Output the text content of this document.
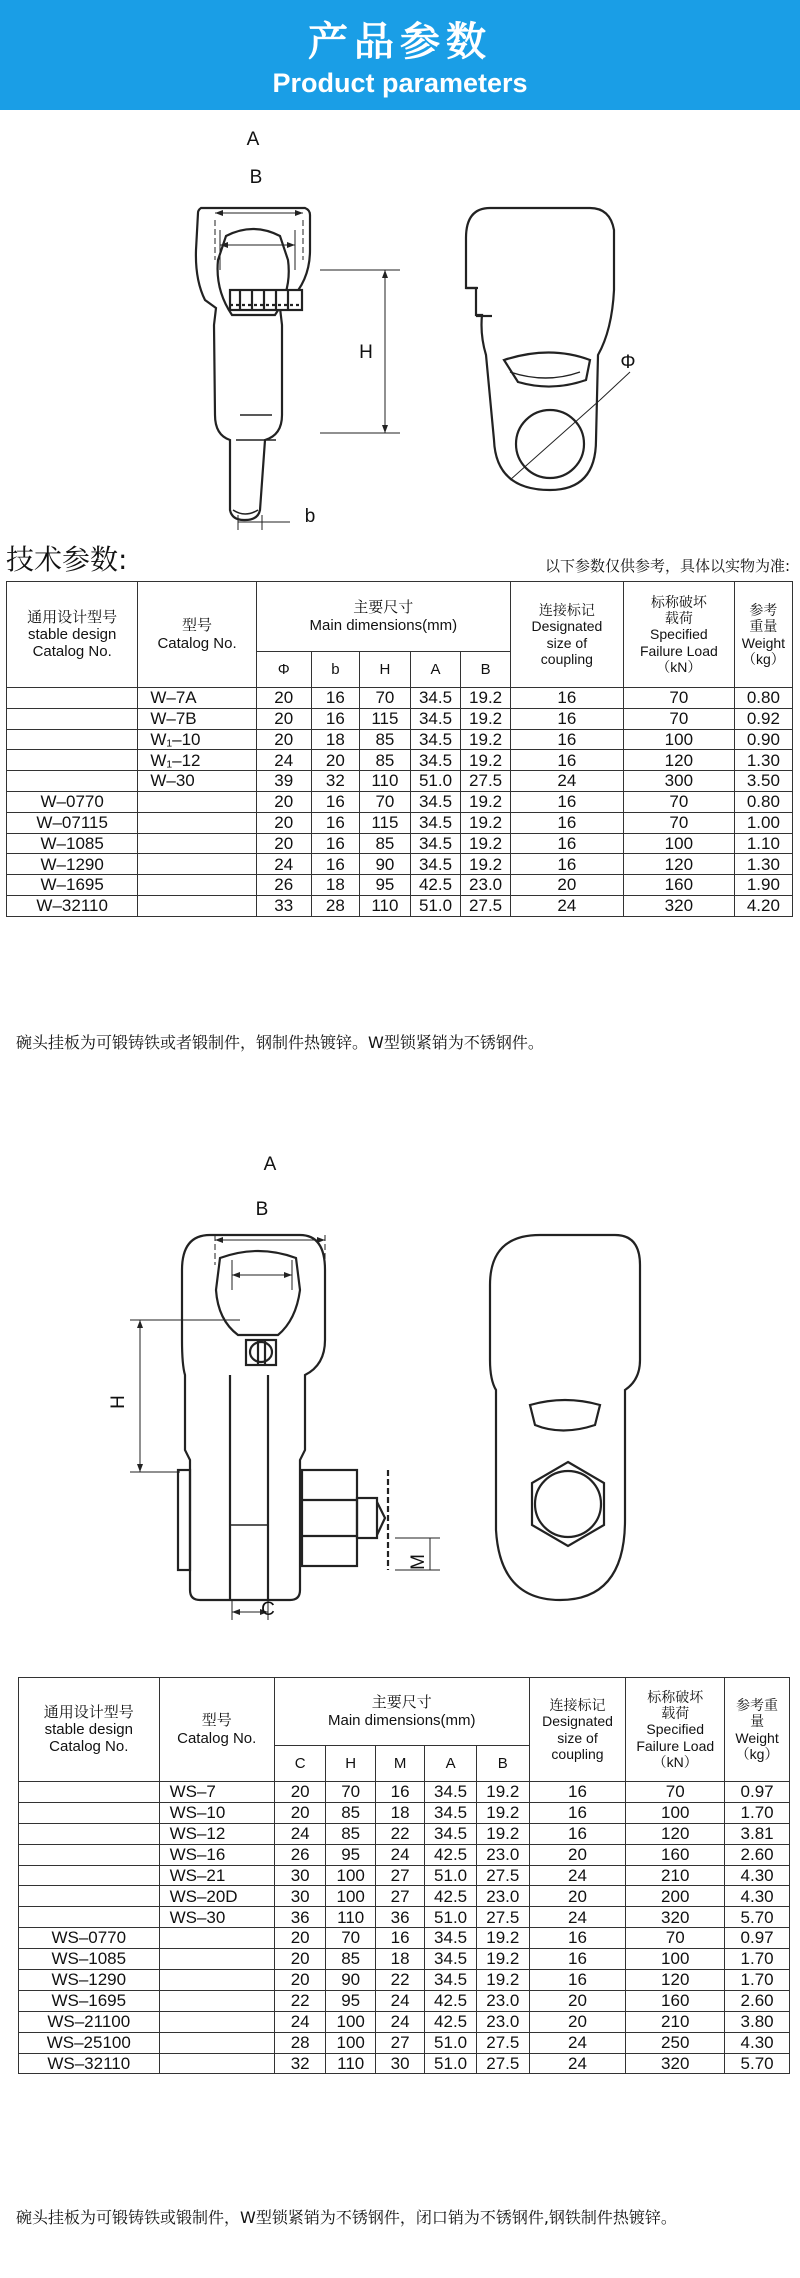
产品参数
Product parameters
A
B
H
b
Φ
技术参数:	以下参数仅供参考，具体以实物为准:
通用设计型号
stable design
Catalog No.	型号
Catalog No.	主要尺寸
Main dimensions(mm)					连接标记
Designated
size of
coupling	标称破坏
载荷
Specified
Failure Load
（kN）	参考
重量
Weight
（kg）
		Φ	b	H	A	B			
	W–7A	20	16	70	34.5	19.2	16	70	0.80
	W–7B	20	16	115	34.5	19.2	16	70	0.92
	W₁–10	20	18	85	34.5	19.2	16	100	0.90
	W₁–12	24	20	85	34.5	19.2	16	120	1.30
	W–30	39	32	110	51.0	27.5	24	300	3.50
W–0770		20	16	70	34.5	19.2	16	70	0.80
W–07115		20	16	115	34.5	19.2	16	70	1.00
W–1085		20	16	85	34.5	19.2	16	100	1.10
W–1290		24	16	90	34.5	19.2	16	120	1.30
W–1695		26	18	95	42.5	23.0	20	160	1.90
W–32110		33	28	110	51.0	27.5	24	320	4.20
碗头挂板为可锻铸铁或者锻制件，钢制件热镀锌。W型锁紧销为不锈钢件。
A
B
H
C
M
通用设计型号
stable design
Catalog No.	型号
Catalog No.	主要尺寸
Main dimensions(mm)					连接标记
Designated
size of
coupling	标称破坏
载荷
Specified
Failure Load
（kN）	参考重
量
Weight
（kg）
		C	H	M	A	B			
	WS–7	20	70	16	34.5	19.2	16	70	0.97
	WS–10	20	85	18	34.5	19.2	16	100	1.70
	WS–12	24	85	22	34.5	19.2	16	120	3.81
	WS–16	26	95	24	42.5	23.0	20	160	2.60
	WS–21	30	100	27	51.0	27.5	24	210	4.30
	WS–20D	30	100	27	42.5	23.0	20	200	4.30
	WS–30	36	110	36	51.0	27.5	24	320	5.70
WS–0770		20	70	16	34.5	19.2	16	70	0.97
WS–1085		20	85	18	34.5	19.2	16	100	1.70
WS–1290		20	90	22	34.5	19.2	16	120	1.70
WS–1695		22	95	24	42.5	23.0	20	160	2.60
WS–21100		24	100	24	42.5	23.0	20	210	3.80
WS–25100		28	100	27	51.0	27.5	24	250	4.30
WS–32110		32	110	30	51.0	27.5	24	320	5.70
碗头挂板为可锻铸铁或锻制件，W型锁紧销为不锈钢件，闭口销为不锈钢件,钢铁制件热镀锌。
